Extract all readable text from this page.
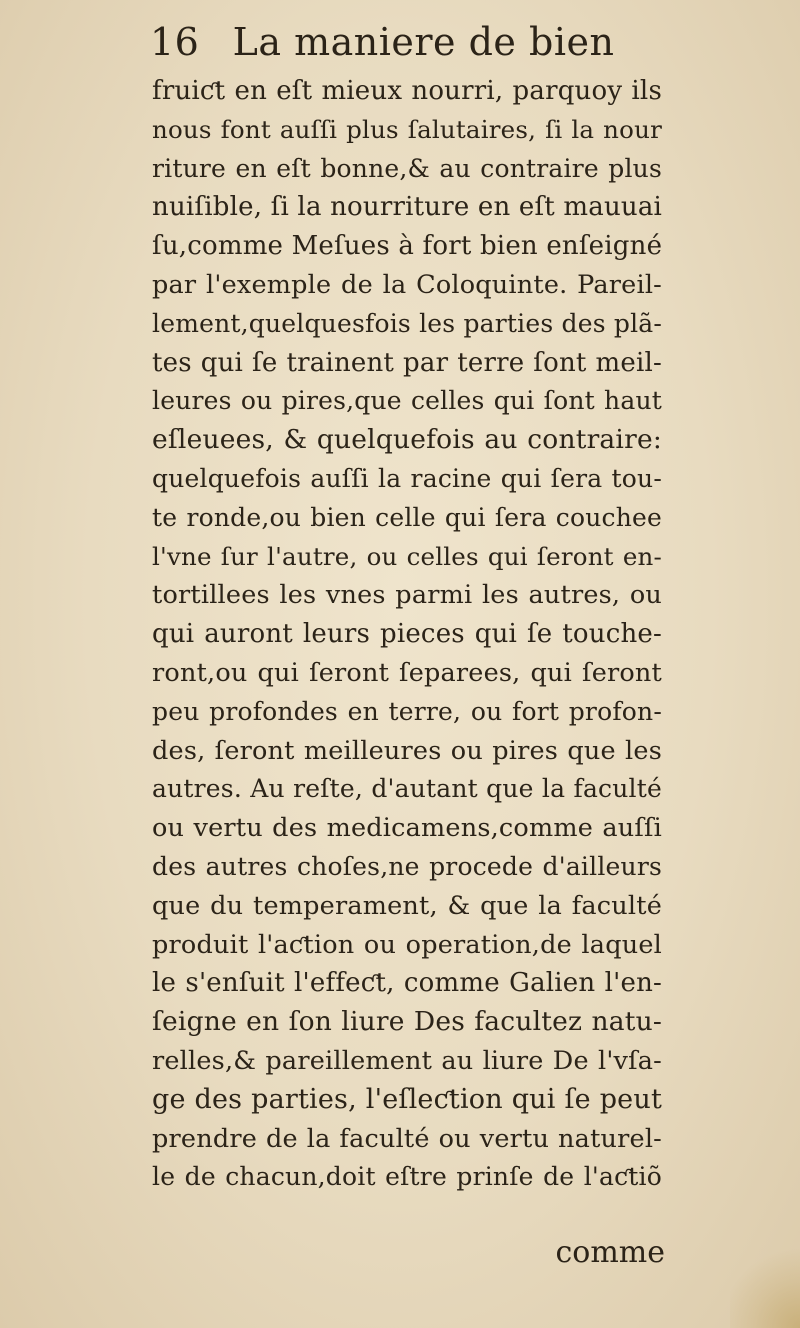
16 La maniere de bien
fruiƈt en eſt mieux nourri, parquoy ils
nous font auſſi plus ſalutaires, ſi la nour
riture en eſt bonne,& au contraire plus
nuiſible, ſi la nourriture en eſt mauuai
ſu,comme Meſues à fort bien enſeigné
par l'exemple de la Coloquinte. Pareil-
lement,quelquesfois les parties des plã-
tes qui ſe trainent par terre ſont meil-
leures ou pires,que celles qui ſont haut
eſleuees, & quelquefois au contraire:
quelquefois auſſi la racine qui ſera tou-
te ronde,ou bien celle qui ſera couchee
l'vne ſur l'autre, ou celles qui ſeront en-
tortillees les vnes parmi les autres, ou
qui auront leurs pieces qui ſe touche-
ront,ou qui ſeront ſeparees, qui ſeront
peu profondes en terre, ou fort profon-
des, ſeront meilleures ou pires que les
autres. Au reſte, d'autant que la faculté
ou vertu des medicamens,comme auſſi
des autres choſes,ne procede d'ailleurs
que du temperament, & que la faculté
produit l'aƈtion ou operation,de laquel
le s'enſuit l'effeƈt, comme Galien l'en-
ſeigne en ſon liure Des facultez natu-
relles,& pareillement au liure De l'vſa-
ge des parties, l'eſleƈtion qui ſe peut
prendre de la faculté ou vertu naturel-
le de chacun,doit eſtre prinſe de l'aƈtiõ
comme
